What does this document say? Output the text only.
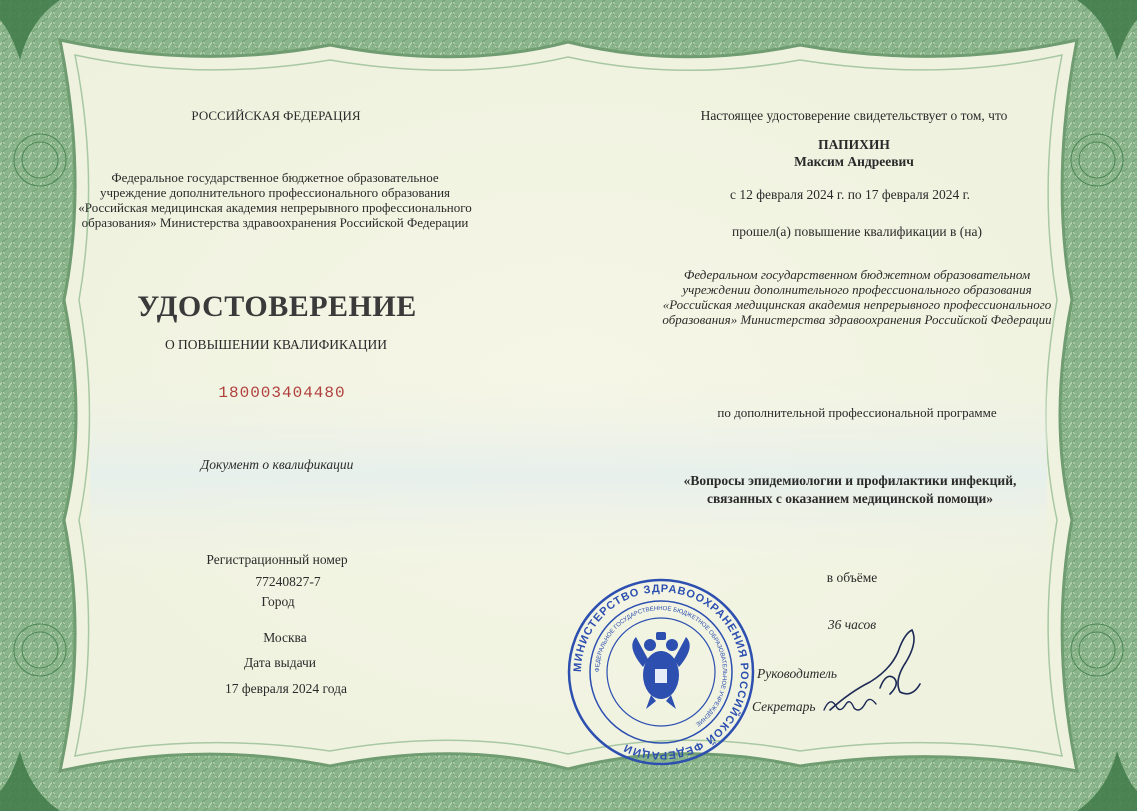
РОССИЙСКАЯ ФЕДЕРАЦИЯ
Федеральное государственное бюджетное образовательное
учреждение дополнительного профессионального образования
«Российская медицинская академия непрерывного профессионального
образования» Министерства здравоохранения Российской Федерации
УДОСТОВЕРЕНИЕ
О ПОВЫШЕНИИ КВАЛИФИКАЦИИ
180003404480
Документ о квалификации
Регистрационный номер
77240827-7
Город
Москва
Дата выдачи
17 февраля 2024 года
Настоящее удостоверение свидетельствует о том, что
ПАПИХИН
Максим Андреевич
с 12 февраля 2024 г. по 17 февраля 2024 г.
прошел(а) повышение квалификации в (на)
Федеральном государственном бюджетном образовательном
учреждении дополнительного профессионального образования
«Российская медицинская академия непрерывного профессионального
образования» Министерства здравоохранения Российской Федерации
по дополнительной профессиональной программе
«Вопросы эпидемиологии и профилактики инфекций,
связанных с оказанием медицинской помощи»
в объёме
36 часов
Руководитель
Секретарь
МИНИСТЕРСТВО ЗДРАВООХРАНЕНИЯ РОССИЙСКОЙ ФЕДЕРАЦИИ
ФЕДЕРАЛЬНОЕ ГОСУДАРСТВЕННОЕ БЮДЖЕТНОЕ ОБРАЗОВАТЕЛЬНОЕ УЧРЕЖДЕНИЕ
